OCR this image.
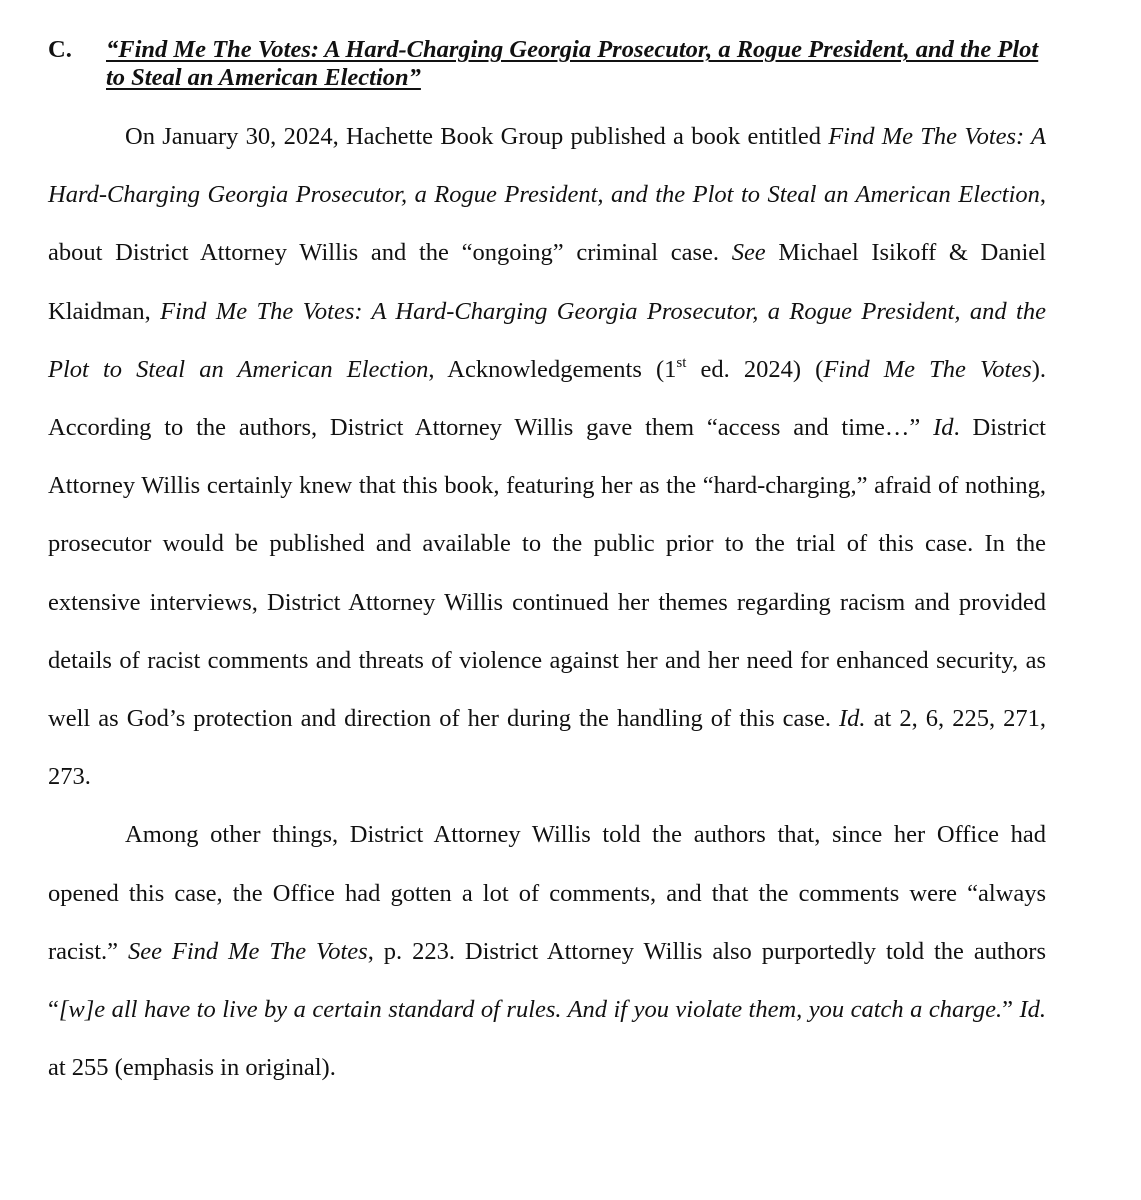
C.	“Find Me The Votes: A Hard-Charging Georgia Prosecutor, a Rogue President, and the Plot to Steal an American Election”

On January 30, 2024, Hachette Book Group published a book entitled Find Me The Votes: A Hard-Charging Georgia Prosecutor, a Rogue President, and the Plot to Steal an American Election, about District Attorney Willis and the “ongoing” criminal case. See Michael Isikoff & Daniel Klaidman, Find Me The Votes: A Hard-Charging Georgia Prosecutor, a Rogue President, and the Plot to Steal an American Election, Acknowledgements (1st ed. 2024) (Find Me The Votes). According to the authors, District Attorney Willis gave them “access and time…” Id. District Attorney Willis certainly knew that this book, featuring her as the “hard-charging,” afraid of nothing, prosecutor would be published and available to the public prior to the trial of this case. In the extensive interviews, District Attorney Willis continued her themes regarding racism and provided details of racist comments and threats of violence against her and her need for enhanced security, as well as God’s protection and direction of her during the handling of this case. Id. at 2, 6, 225, 271, 273.

Among other things, District Attorney Willis told the authors that, since her Office had opened this case, the Office had gotten a lot of comments, and that the comments were “always racist.” See Find Me The Votes, p. 223. District Attorney Willis also purportedly told the authors “[w]e all have to live by a certain standard of rules. And if you violate them, you catch a charge.” Id. at 255 (emphasis in original).
